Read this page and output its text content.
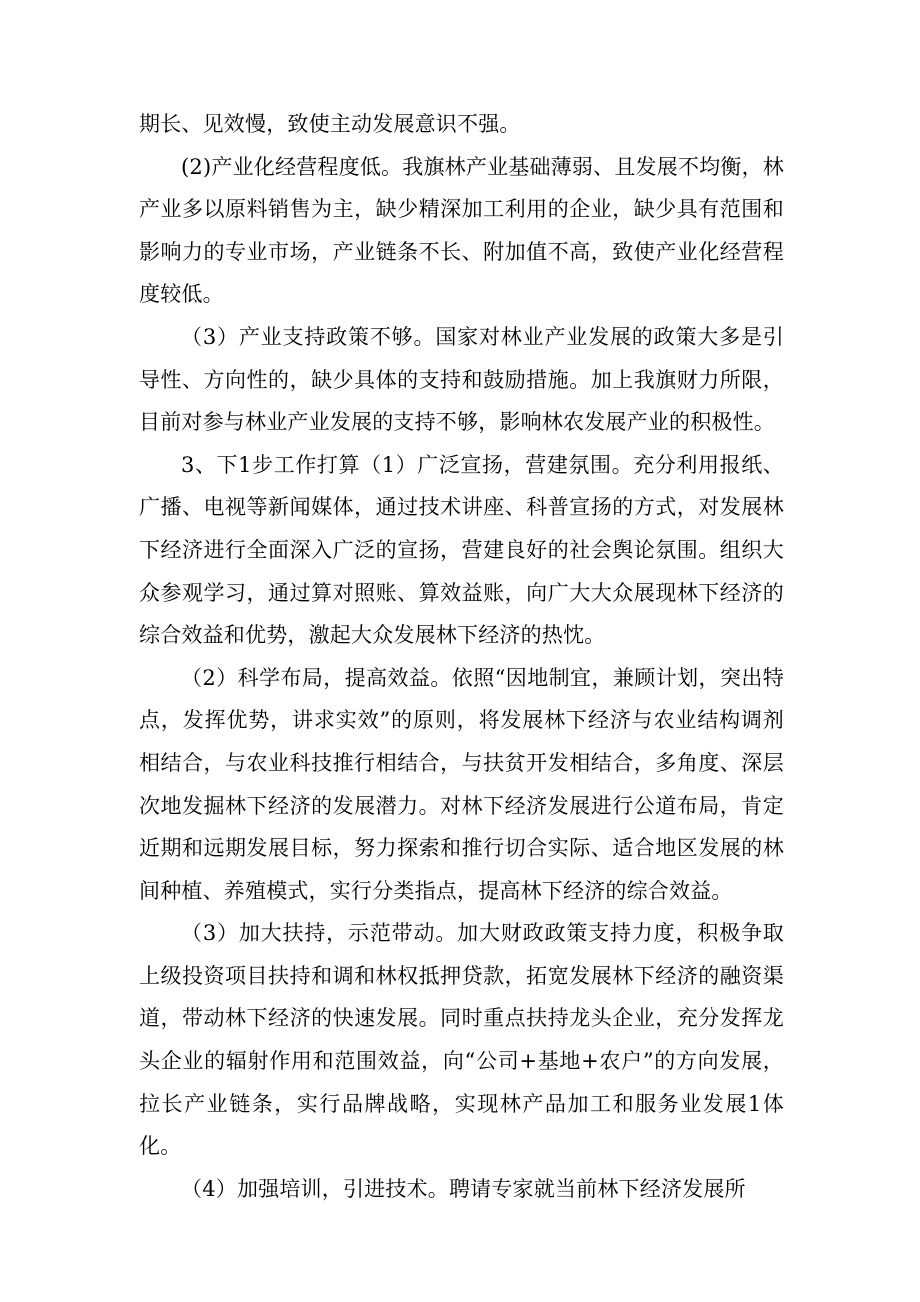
期长、见效慢，致使主动发展意识不强。

(2)产业化经营程度低。我旗林产业基础薄弱、且发展不均衡，林产业多以原料销售为主，缺少精深加工利用的企业，缺少具有范围和影响力的专业市场，产业链条不长、附加值不高，致使产业化经营程度较低。

（3）产业支持政策不够。国家对林业产业发展的政策大多是引导性、方向性的，缺少具体的支持和鼓励措施。加上我旗财力所限，目前对参与林业产业发展的支持不够，影响林农发展产业的积极性。

3、下1步工作打算（1）广泛宣扬，营建氛围。充分利用报纸、广播、电视等新闻媒体，通过技术讲座、科普宣扬的方式，对发展林下经济进行全面深入广泛的宣扬，营建良好的社会舆论氛围。组织大众参观学习，通过算对照账、算效益账，向广大大众展现林下经济的综合效益和优势，激起大众发展林下经济的热忱。

（2）科学布局，提高效益。依照“因地制宜，兼顾计划，突出特点，发挥优势，讲求实效”的原则，将发展林下经济与农业结构调剂相结合，与农业科技推行相结合，与扶贫开发相结合，多角度、深层次地发掘林下经济的发展潜力。对林下经济发展进行公道布局，肯定近期和远期发展目标，努力探索和推行切合实际、适合地区发展的林间种植、养殖模式，实行分类指点，提高林下经济的综合效益。

（3）加大扶持，示范带动。加大财政政策支持力度，积极争取上级投资项目扶持和调和林权抵押贷款，拓宽发展林下经济的融资渠道，带动林下经济的快速发展。同时重点扶持龙头企业，充分发挥龙头企业的辐射作用和范围效益，向“公司+基地+农户”的方向发展，拉长产业链条，实行品牌战略，实现林产品加工和服务业发展1体化。

（4）加强培训，引进技术。聘请专家就当前林下经济发展所
